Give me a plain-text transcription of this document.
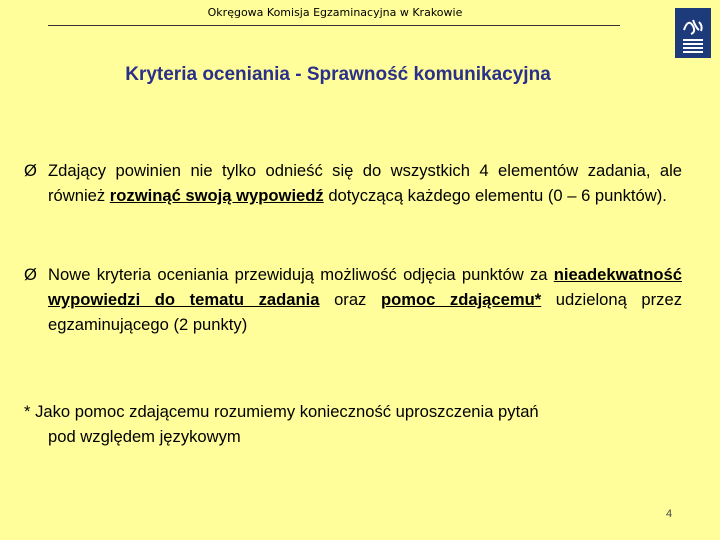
Okręgowa Komisja Egzaminacyjna w Krakowie
Kryteria oceniania - Sprawność komunikacyjna
Ø Zdający powinien nie tylko odnieść się do wszystkich 4 elementów zadania, ale również rozwinąć swoją wypowiedź dotyczącą każdego elementu (0 – 6 punktów).
Ø Nowe kryteria oceniania przewidują możliwość odjęcia punktów za nieadekwatność wypowiedzi do tematu zadania oraz pomoc zdającemu* udzieloną przez egzaminującego (2 punkty)
* Jako pomoc zdającemu rozumiemy konieczność uproszczenia pytań
pod względem językowym
4
